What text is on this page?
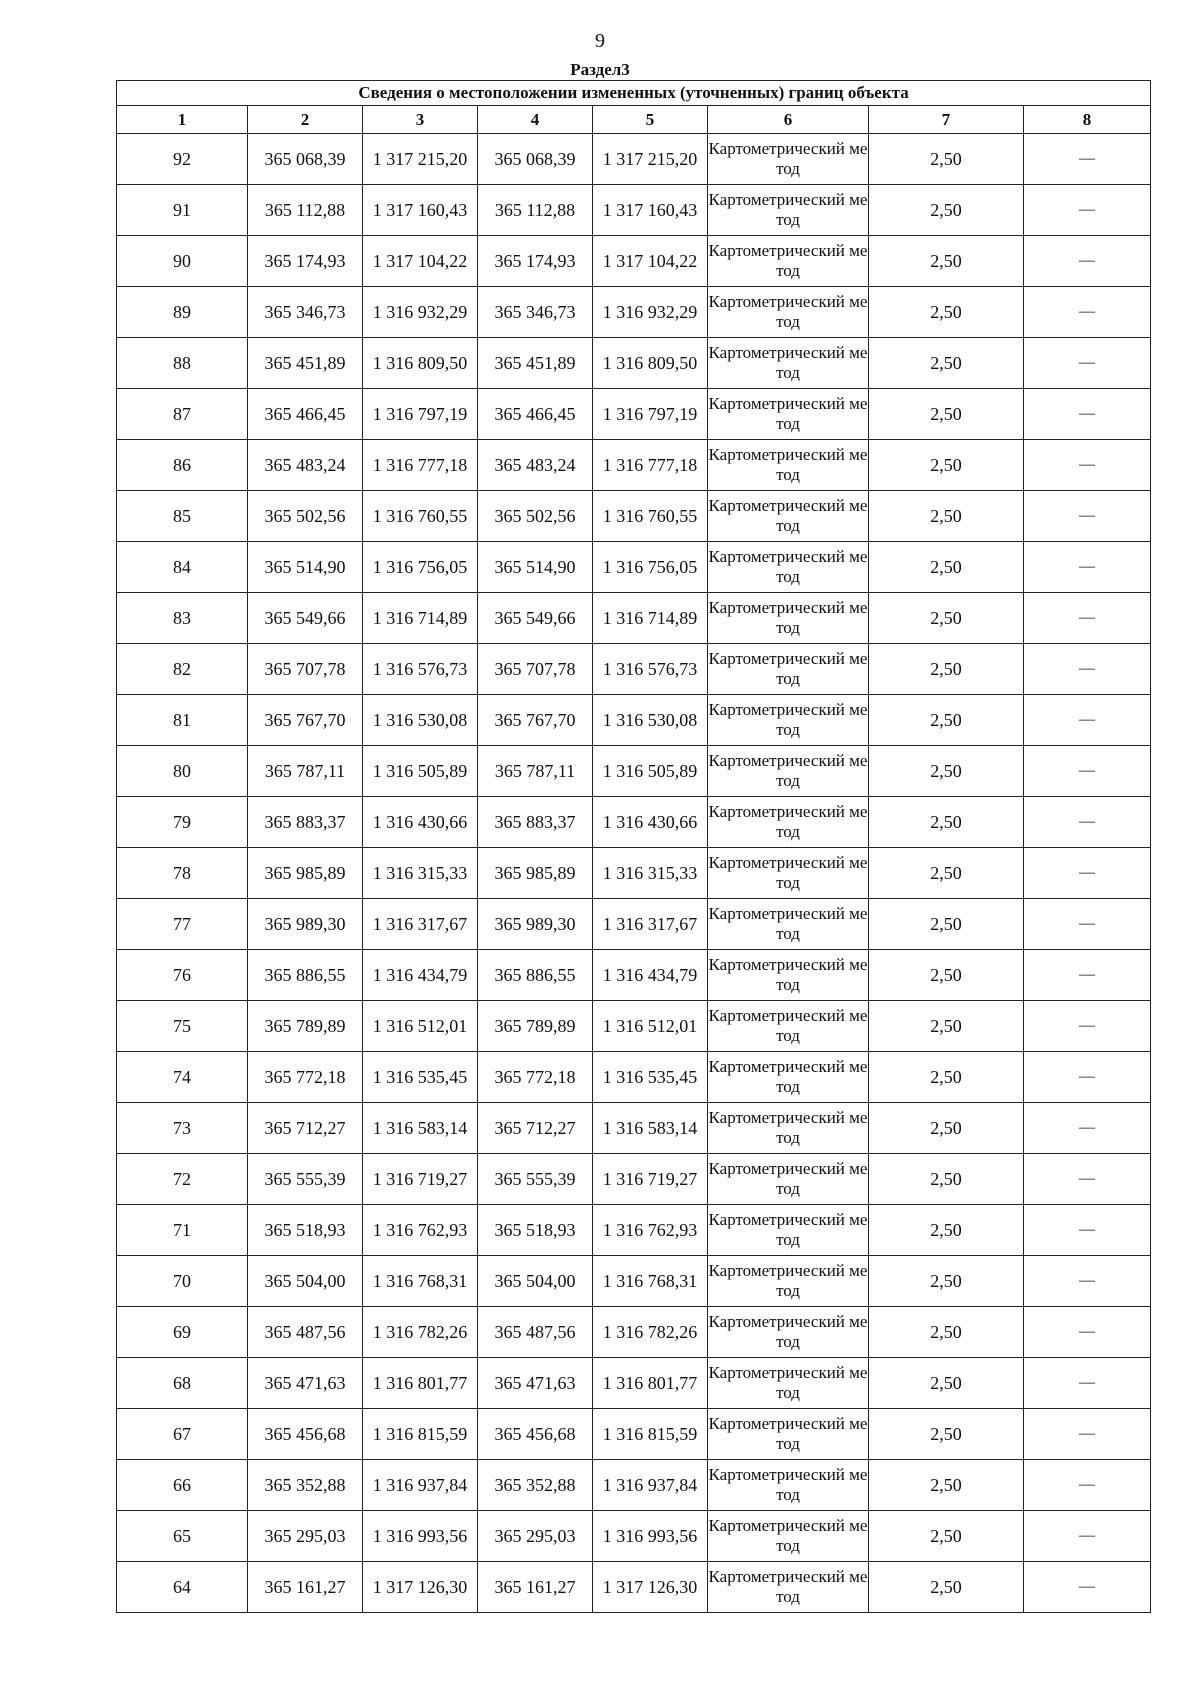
9
Раздел3
Сведения о местоположении измененных (уточненных) границ объекта							
1	2	3	4	5	6	7	8
92	365 068,39	1 317 215,20	365 068,39	1 317 215,20	Картометрический метод	2,50	—
91	365 112,88	1 317 160,43	365 112,88	1 317 160,43	Картометрический метод	2,50	—
90	365 174,93	1 317 104,22	365 174,93	1 317 104,22	Картометрический метод	2,50	—
89	365 346,73	1 316 932,29	365 346,73	1 316 932,29	Картометрический метод	2,50	—
88	365 451,89	1 316 809,50	365 451,89	1 316 809,50	Картометрический метод	2,50	—
87	365 466,45	1 316 797,19	365 466,45	1 316 797,19	Картометрический метод	2,50	—
86	365 483,24	1 316 777,18	365 483,24	1 316 777,18	Картометрический метод	2,50	—
85	365 502,56	1 316 760,55	365 502,56	1 316 760,55	Картометрический метод	2,50	—
84	365 514,90	1 316 756,05	365 514,90	1 316 756,05	Картометрический метод	2,50	—
83	365 549,66	1 316 714,89	365 549,66	1 316 714,89	Картометрический метод	2,50	—
82	365 707,78	1 316 576,73	365 707,78	1 316 576,73	Картометрический метод	2,50	—
81	365 767,70	1 316 530,08	365 767,70	1 316 530,08	Картометрический метод	2,50	—
80	365 787,11	1 316 505,89	365 787,11	1 316 505,89	Картометрический метод	2,50	—
79	365 883,37	1 316 430,66	365 883,37	1 316 430,66	Картометрический метод	2,50	—
78	365 985,89	1 316 315,33	365 985,89	1 316 315,33	Картометрический метод	2,50	—
77	365 989,30	1 316 317,67	365 989,30	1 316 317,67	Картометрический метод	2,50	—
76	365 886,55	1 316 434,79	365 886,55	1 316 434,79	Картометрический метод	2,50	—
75	365 789,89	1 316 512,01	365 789,89	1 316 512,01	Картометрический метод	2,50	—
74	365 772,18	1 316 535,45	365 772,18	1 316 535,45	Картометрический метод	2,50	—
73	365 712,27	1 316 583,14	365 712,27	1 316 583,14	Картометрический метод	2,50	—
72	365 555,39	1 316 719,27	365 555,39	1 316 719,27	Картометрический метод	2,50	—
71	365 518,93	1 316 762,93	365 518,93	1 316 762,93	Картометрический метод	2,50	—
70	365 504,00	1 316 768,31	365 504,00	1 316 768,31	Картометрический метод	2,50	—
69	365 487,56	1 316 782,26	365 487,56	1 316 782,26	Картометрический метод	2,50	—
68	365 471,63	1 316 801,77	365 471,63	1 316 801,77	Картометрический метод	2,50	—
67	365 456,68	1 316 815,59	365 456,68	1 316 815,59	Картометрический метод	2,50	—
66	365 352,88	1 316 937,84	365 352,88	1 316 937,84	Картометрический метод	2,50	—
65	365 295,03	1 316 993,56	365 295,03	1 316 993,56	Картометрический метод	2,50	—
64	365 161,27	1 317 126,30	365 161,27	1 317 126,30	Картометрический метод	2,50	—
